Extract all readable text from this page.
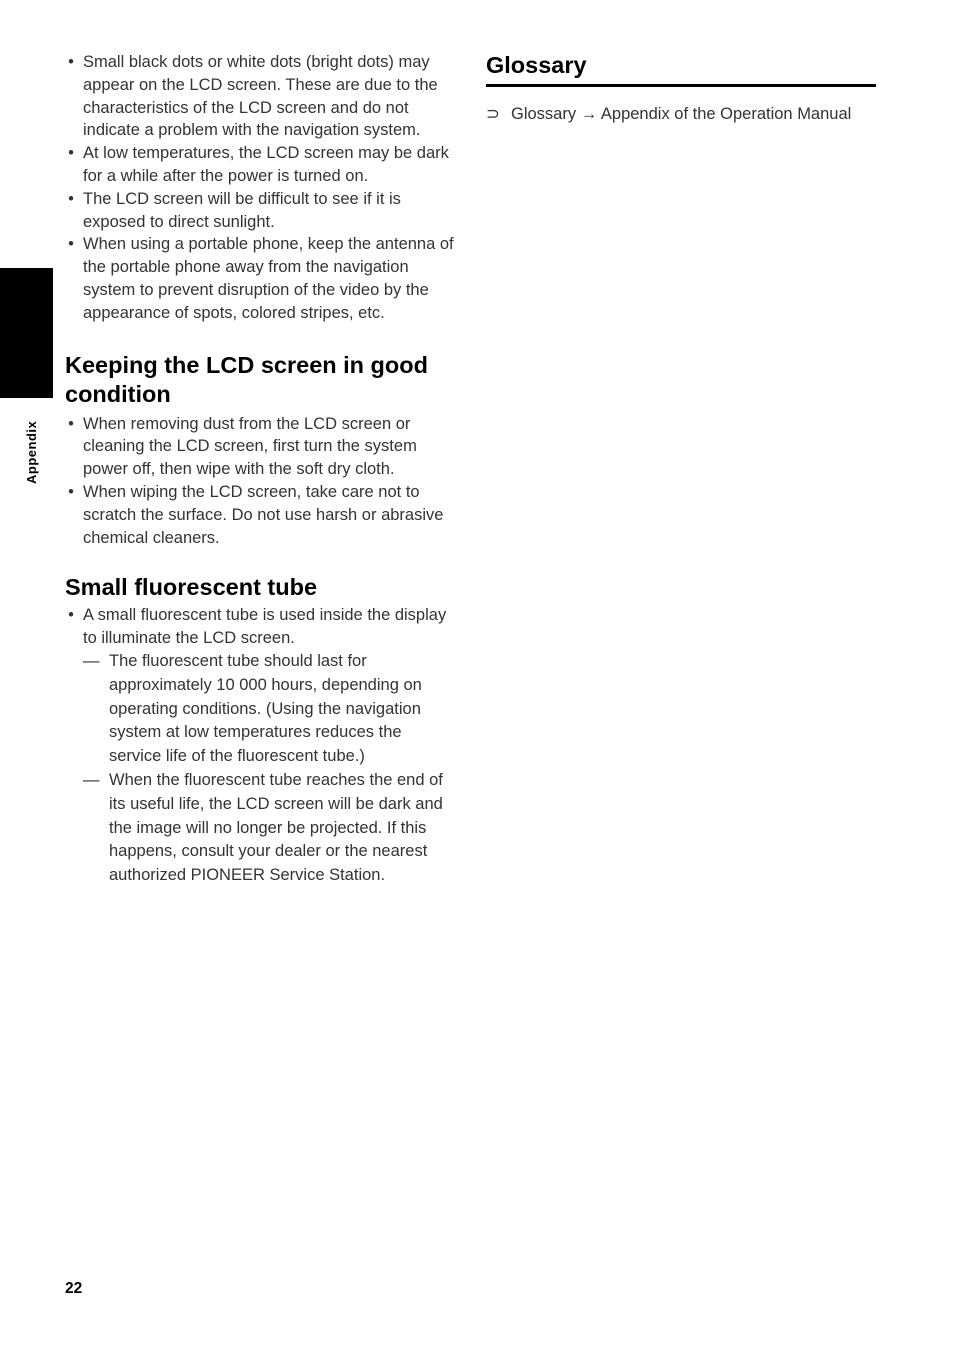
Appendix
• Small black dots or white dots (bright dots) may appear on the LCD screen. These are due to the characteristics of the LCD screen and do not indicate a problem with the navigation system.
• At low temperatures, the LCD screen may be dark for a while after the power is turned on.
• The LCD screen will be difficult to see if it is exposed to direct sunlight.
• When using a portable phone, keep the antenna of the portable phone away from the navigation system to prevent disruption of the video by the appearance of spots, colored stripes, etc.
Keeping the LCD screen in good condition
• When removing dust from the LCD screen or cleaning the LCD screen, first turn the system power off, then wipe with the soft dry cloth.
• When wiping the LCD screen, take care not to scratch the surface. Do not use harsh or abrasive chemical cleaners.
Small fluorescent tube
• A small fluorescent tube is used inside the display to illuminate the LCD screen.
— The fluorescent tube should last for approximately 10 000 hours, depending on operating conditions. (Using the navigation system at low temperatures reduces the service life of the fluorescent tube.)
— When the fluorescent tube reaches the end of its useful life, the LCD screen will be dark and the image will no longer be projected. If this happens, consult your dealer or the nearest authorized PIONEER Service Station.
Glossary
⊃ Glossary → Appendix of the Operation Manual
22
